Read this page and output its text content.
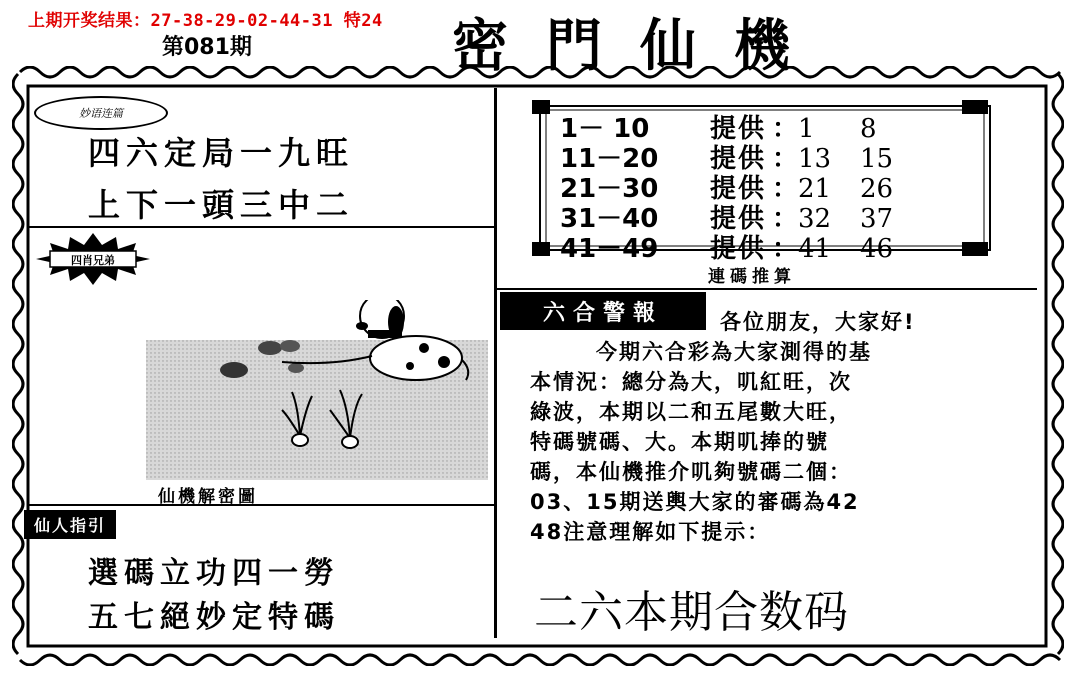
上期开奖结果：27-38-29-02-44-31 特24
第081期	密門仙機
妙语连篇
四六定局一九旺
上下一頭三中二
四肖兄弟
仙機解密圖
仙人指引
選碼立功四一勞
五七絕妙定特碼
1－ 10	提供 ： 1	8
11－20	提供 ： 13	15
21－30	提供 ： 21	26
31－40	提供 ： 32	37
41－49	提供 ： 41	46
連碼推算
六合警報	各位朋友，大家好!
今期六合彩為大家測得的基
本情況：總分為大，叽紅旺，次
綠波，本期以二和五尾數大旺，
特碼號碼、大。本期叽捧的號
碼，本仙機推介叽夠號碼二個：
03、15期送輿大家的審碼為42
48注意理解如下提示：
二六本期合数码
